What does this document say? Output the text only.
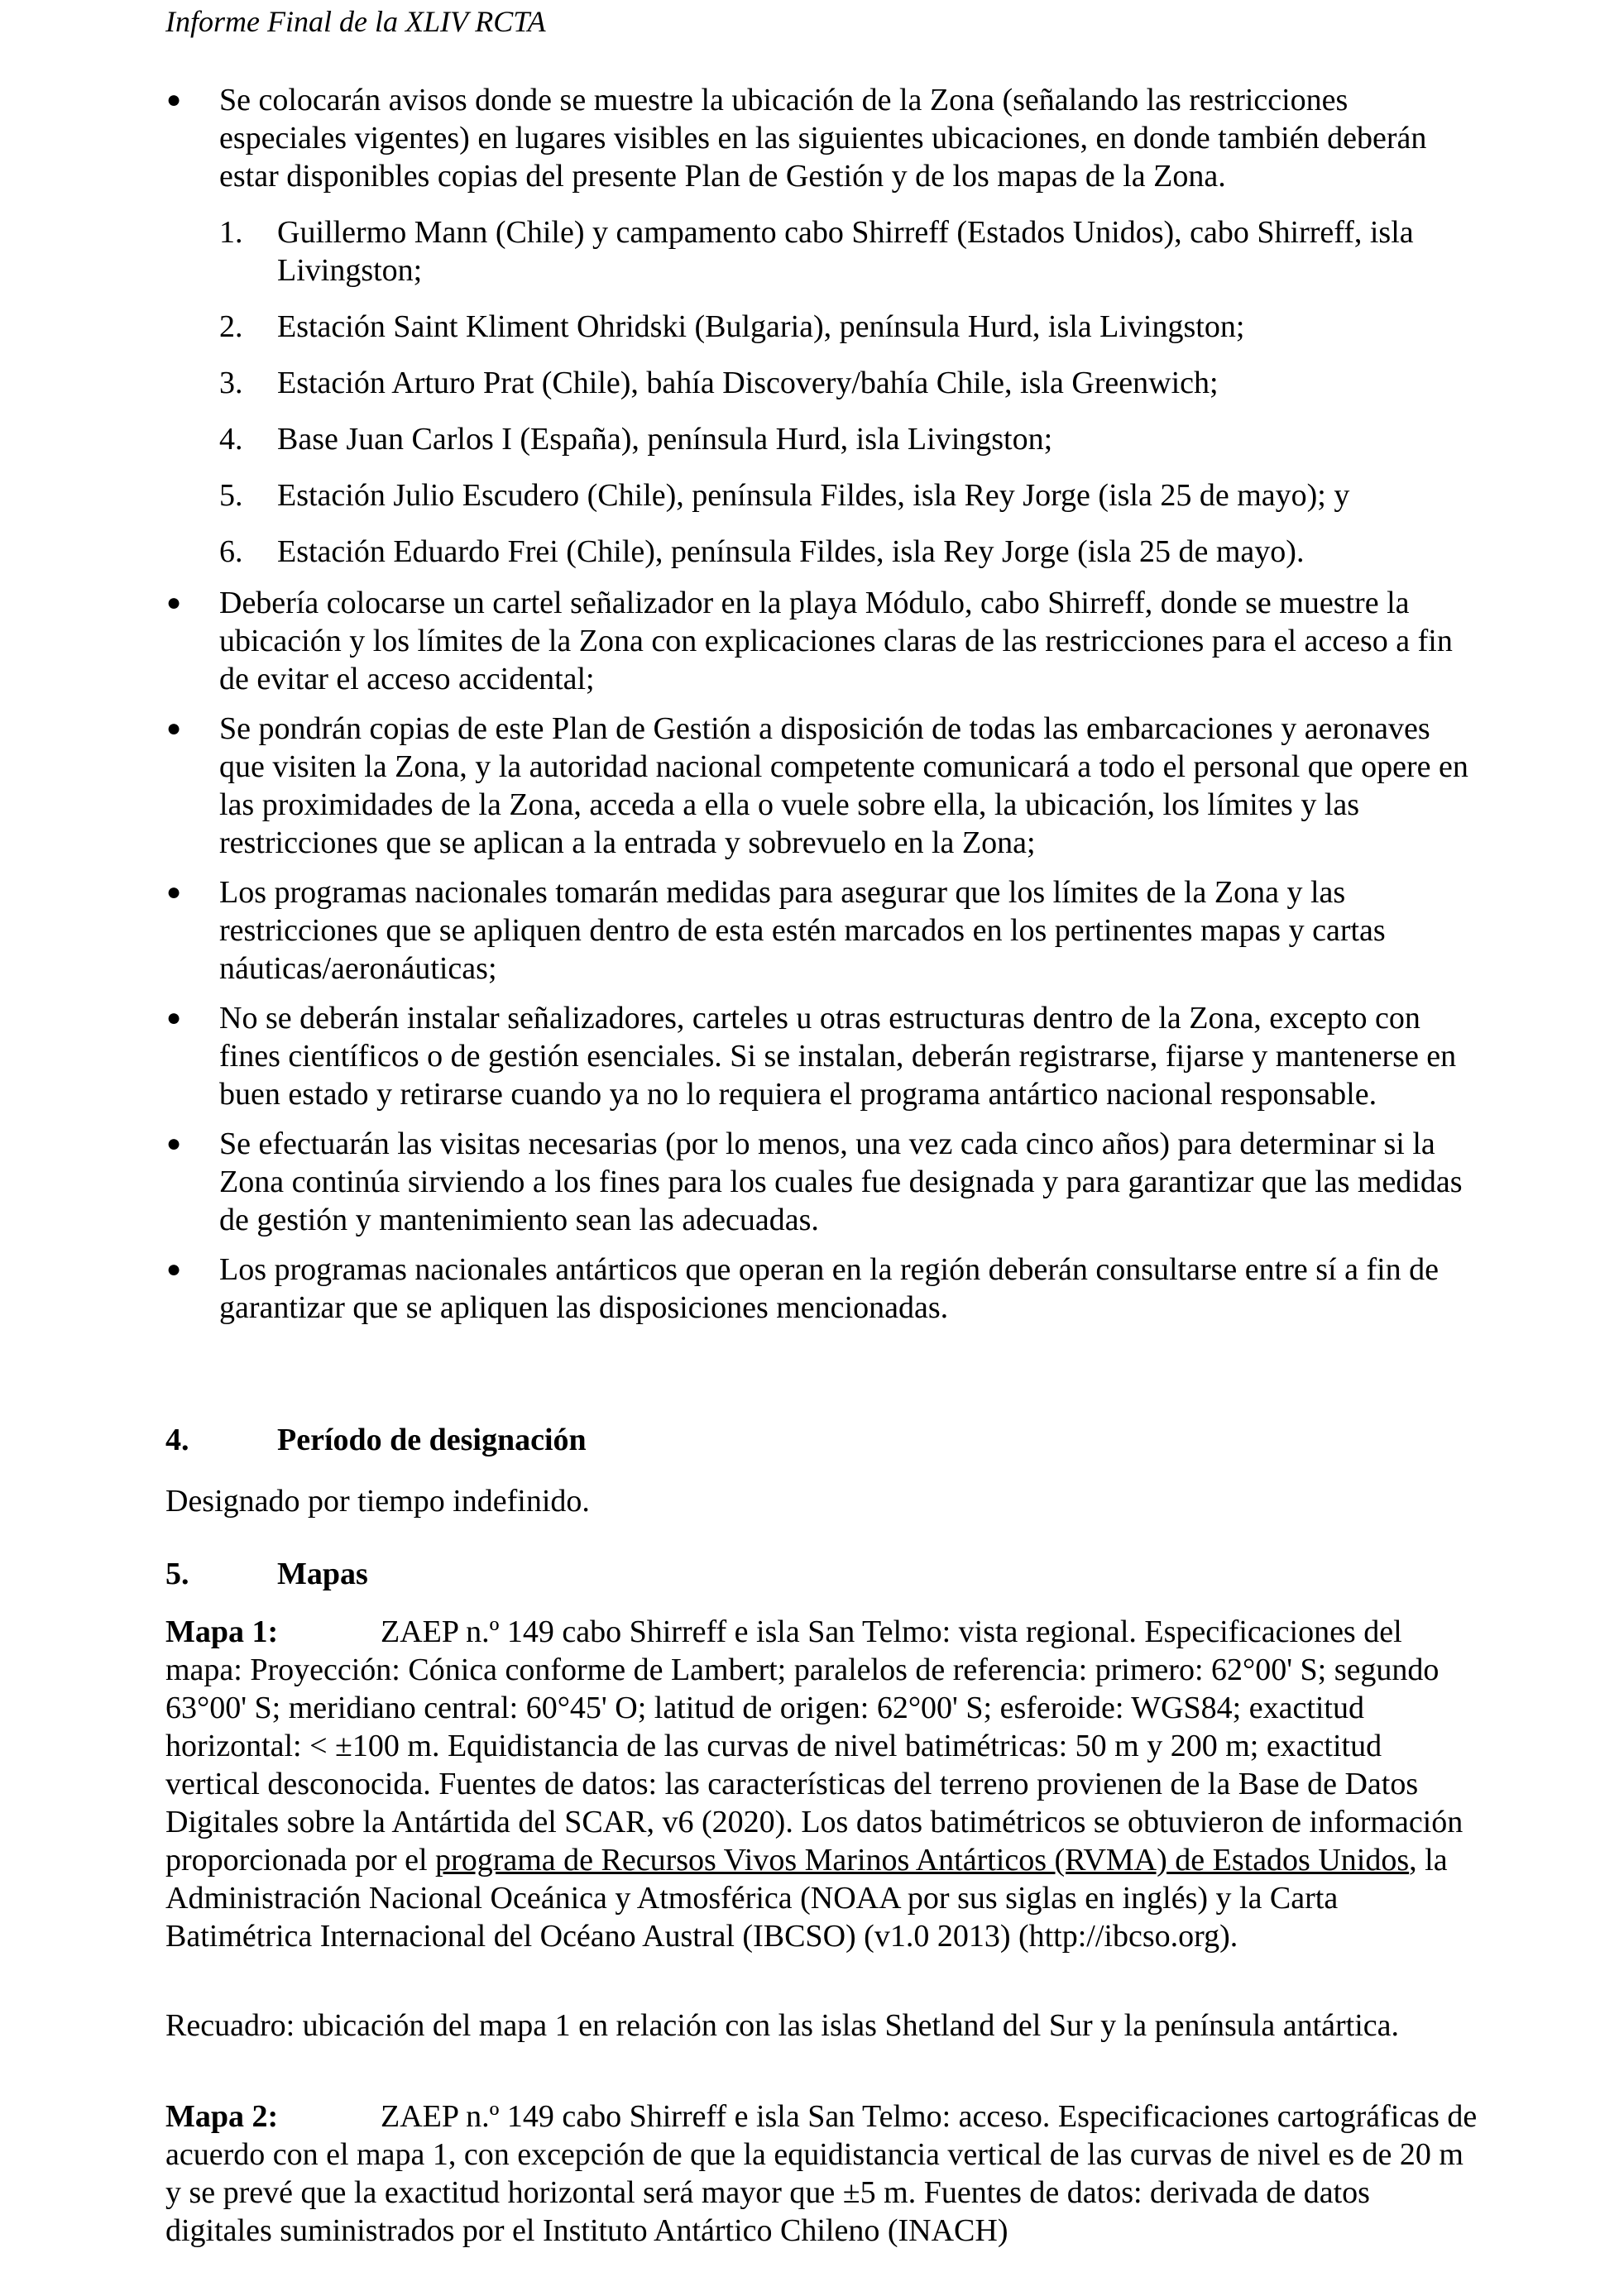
Informe Final de la XLIV RCTA
● Se colocarán avisos donde se muestre la ubicación de la Zona (señalando las restricciones especiales vigentes) en lugares visibles en las siguientes ubicaciones, en donde también deberán estar disponibles copias del presente Plan de Gestión y de los mapas de la Zona.
1. Guillermo Mann (Chile) y campamento cabo Shirreff (Estados Unidos), cabo Shirreff, isla Livingston;
2. Estación Saint Kliment Ohridski (Bulgaria), península Hurd, isla Livingston;
3. Estación Arturo Prat (Chile), bahía Discovery/bahía Chile, isla Greenwich;
4. Base Juan Carlos I (España), península Hurd, isla Livingston;
5. Estación Julio Escudero (Chile), península Fildes, isla Rey Jorge (isla 25 de mayo); y
6. Estación Eduardo Frei (Chile), península Fildes, isla Rey Jorge (isla 25 de mayo).
● Debería colocarse un cartel señalizador en la playa Módulo, cabo Shirreff, donde se muestre la ubicación y los límites de la Zona con explicaciones claras de las restricciones para el acceso a fin de evitar el acceso accidental;
● Se pondrán copias de este Plan de Gestión a disposición de todas las embarcaciones y aeronaves que visiten la Zona, y la autoridad nacional competente comunicará a todo el personal que opere en las proximidades de la Zona, acceda a ella o vuele sobre ella, la ubicación, los límites y las restricciones que se aplican a la entrada y sobrevuelo en la Zona;
● Los programas nacionales tomarán medidas para asegurar que los límites de la Zona y las restricciones que se apliquen dentro de esta estén marcados en los pertinentes mapas y cartas náuticas/aeronáuticas;
● No se deberán instalar señalizadores, carteles u otras estructuras dentro de la Zona, excepto con fines científicos o de gestión esenciales. Si se instalan, deberán registrarse, fijarse y mantenerse en buen estado y retirarse cuando ya no lo requiera el programa antártico nacional responsable.
● Se efectuarán las visitas necesarias (por lo menos, una vez cada cinco años) para determinar si la Zona continúa sirviendo a los fines para los cuales fue designada y para garantizar que las medidas de gestión y mantenimiento sean las adecuadas.
● Los programas nacionales antárticos que operan en la región deberán consultarse entre sí a fin de garantizar que se apliquen las disposiciones mencionadas.
4.	Período de designación
Designado por tiempo indefinido.
5.	Mapas
Mapa 1:	ZAEP n.º 149 cabo Shirreff e isla San Telmo: vista regional. Especificaciones del mapa: Proyección: Cónica conforme de Lambert; paralelos de referencia: primero: 62°00' S; segundo 63°00' S; meridiano central: 60°45' O; latitud de origen: 62°00' S; esferoide: WGS84; exactitud horizontal: < ±100 m. Equidistancia de las curvas de nivel batimétricas: 50 m y 200 m; exactitud vertical desconocida. Fuentes de datos: las características del terreno provienen de la Base de Datos Digitales sobre la Antártida del SCAR, v6 (2020). Los datos batimétricos se obtuvieron de información proporcionada por el programa de Recursos Vivos Marinos Antárticos (RVMA) de Estados Unidos, la Administración Nacional Oceánica y Atmosférica (NOAA por sus siglas en inglés) y la Carta Batimétrica Internacional del Océano Austral (IBCSO) (v1.0 2013) (http://ibcso.org).
Recuadro: ubicación del mapa 1 en relación con las islas Shetland del Sur y la península antártica.
Mapa 2:	ZAEP n.º 149 cabo Shirreff e isla San Telmo: acceso. Especificaciones cartográficas de acuerdo con el mapa 1, con excepción de que la equidistancia vertical de las curvas de nivel es de 20 m y se prevé que la exactitud horizontal será mayor que ±5 m. Fuentes de datos: derivada de datos digitales suministrados por el Instituto Antártico Chileno (INACH)
